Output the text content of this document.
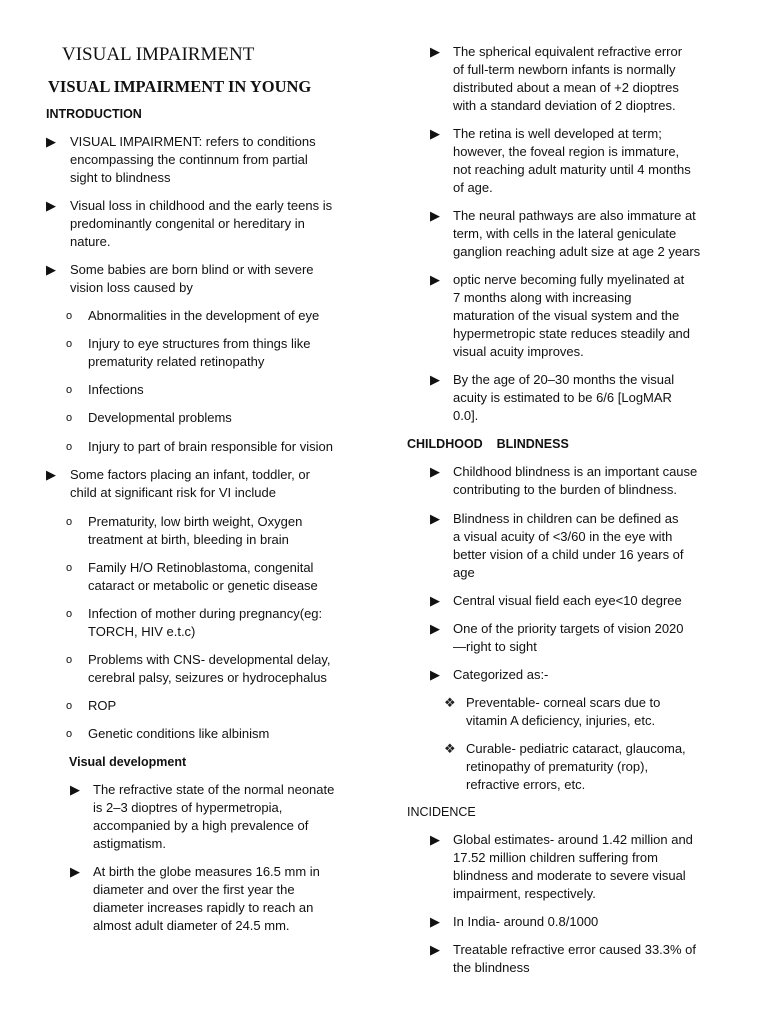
VISUAL IMPAIRMENT
VISUAL IMPAIRMENT IN YOUNG
INTRODUCTION
▶	VISUAL IMPAIRMENT: refers to conditions
encompassing the continnum from partial
sight to blindness
▶	Visual loss in childhood and the early teens is
predominantly congenital or hereditary in
nature.
▶	Some babies are born blind or with severe
vision loss caused by
o	Abnormalities in the development of eye
o	Injury to eye structures from things like
prematurity related retinopathy
o	Infections
o	Developmental problems
o	Injury to part of brain responsible for vision
▶	Some factors placing an infant, toddler, or
child at significant risk for VI include
o	Prematurity, low birth weight, Oxygen
treatment at birth, bleeding in brain
o	Family H/O Retinoblastoma, congenital
cataract or metabolic or genetic disease
o	Infection of mother during pregnancy(eg:
TORCH, HIV e.t.c)
o	Problems with CNS- developmental delay,
cerebral palsy, seizures or hydrocephalus
o	ROP
o	Genetic conditions like albinism
Visual development
▶	The refractive state of the normal neonate
is 2–3 dioptres of hypermetropia,
accompanied by a high prevalence of
astigmatism.
▶	At birth the globe measures 16.5 mm in
diameter and over the first year the
diameter increases rapidly to reach an
almost adult diameter of 24.5 mm.
▶	The spherical equivalent refractive error
of full-term newborn infants is normally
distributed about a mean of +2 dioptres
with a standard deviation of 2 dioptres.
▶	The retina is well developed at term;
however, the foveal region is immature,
not reaching adult maturity until 4 months
of age.
▶	The neural pathways are also immature at
term, with cells in the lateral geniculate
ganglion reaching adult size at age 2 years
▶	optic nerve becoming fully myelinated at
7 months along with increasing
maturation of the visual system and the
hypermetropic state reduces steadily and
visual acuity improves.
▶	By the age of 20–30 months the visual
acuity is estimated to be 6/6 [LogMAR
0.0].
CHILDHOOD    BLINDNESS
▶	Childhood blindness is an important cause
contributing to the burden of blindness.
▶	Blindness in children can be defined as
a visual acuity of <3/60 in the eye with
better vision of a child under 16 years of
age
▶	Central visual field each eye<10 degree
▶	One of the priority targets of vision 2020
—right to sight
▶	Categorized as:-
❖ Preventable- corneal scars due to
vitamin A deficiency, injuries, etc.
❖ Curable- pediatric cataract, glaucoma,
retinopathy of prematurity (rop),
refractive errors, etc.
INCIDENCE
▶	Global estimates- around 1.42 million and
17.52 million children suffering from
blindness and moderate to severe visual
impairment, respectively.
▶	In India- around 0.8/1000
▶	Treatable refractive error caused 33.3% of
the blindness
